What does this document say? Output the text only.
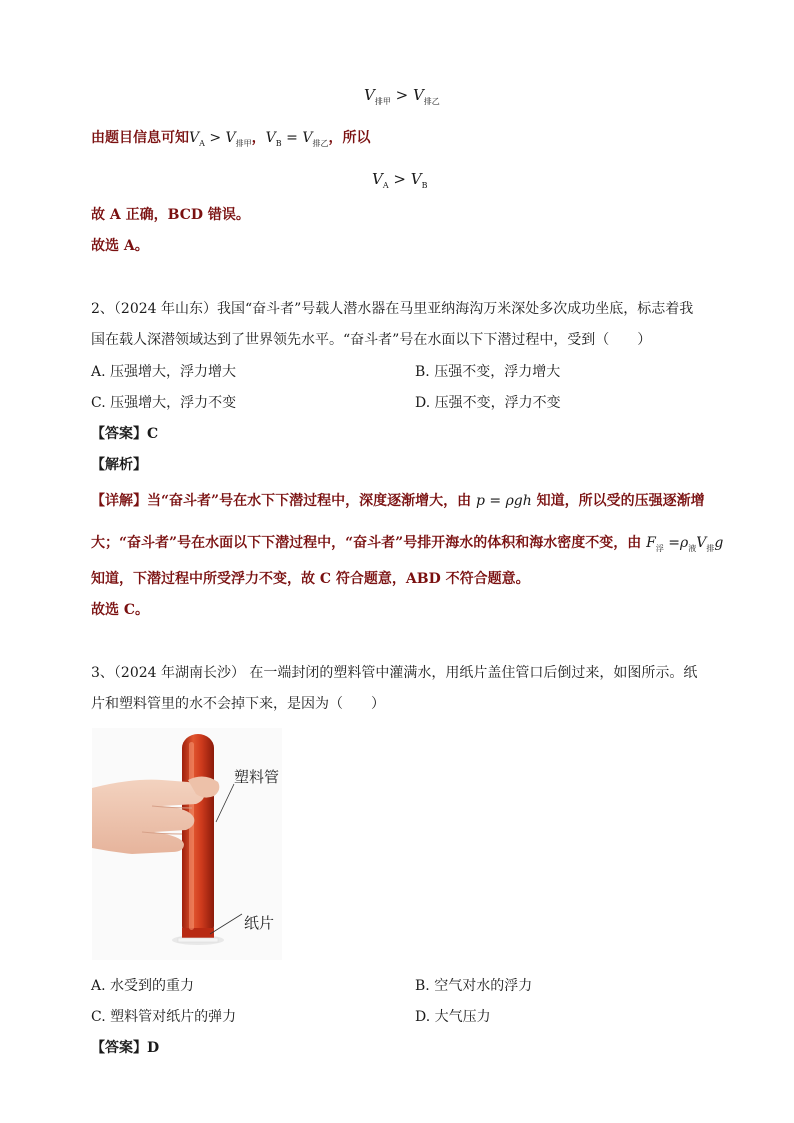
$V_{排甲} > V_{排乙}$
由题目信息可知$V_A > V_{排甲}$，$V_B = V_{排乙}$，所以
$V_A > V_B$
故 A 正确，BCD 错误。
故选 A。
2、（2024 年山东）我国“奋斗者”号载人潜水器在马里亚纳海沟万米深处多次成功坐底，标志着我
国在载人深潜领域达到了世界领先水平。“奋斗者”号在水面以下下潜过程中，受到（　　）
A. 压强增大，浮力增大	B. 压强不变，浮力增大
C. 压强增大，浮力不变	D. 压强不变，浮力不变
【答案】C
【解析】
【详解】当“奋斗者”号在水下下潜过程中，深度逐渐增大，由 p = ρgh 知道，所以受的压强逐渐增
大；“奋斗者”号在水面以下下潜过程中，“奋斗者”号排开海水的体积和海水密度不变，由 $F_浮 =\rho_液V_排g$
知道，下潜过程中所受浮力不变，故 C 符合题意，ABD 不符合题意。
故选 C。
3、（2024 年湖南长沙） 在一端封闭的塑料管中灌满水，用纸片盖住管口后倒过来，如图所示。纸
片和塑料管里的水不会掉下来，是因为（　　）
塑料管
纸片
A. 水受到的重力	B. 空气对水的浮力
C. 塑料管对纸片的弹力	D. 大气压力
【答案】D
